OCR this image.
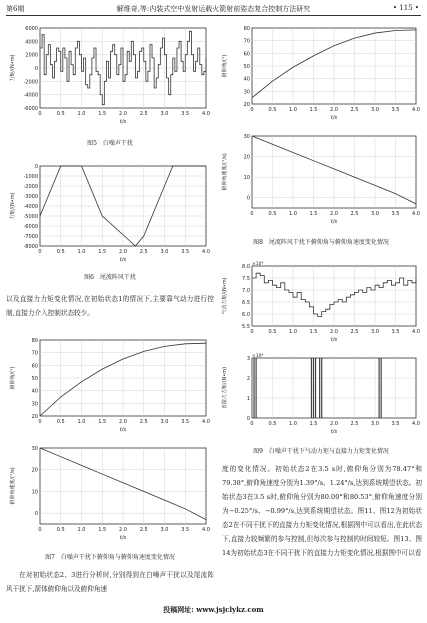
第6期	解维奇,等:内装式空中发射运载火箭射前姿态复合控制方法研究	• 115 •
6000
4000
2000
0
-2000
-4000
-6000
0	0.5	1.0	1.5	2.0	2.5	3.0	3.5	4.0
t/s
力矩/(N•m)
图5　白噪声干扰
0
-1000
-2000
-3000
-4000
-5000
-6000
-7000
-8000
0	0.5	1.0	1.5	2.0	2.5	3.0	3.5	4.0
t/s
力矩/(N•m)
图6　尾流阵风干扰
以及直接力力矩变化情况,在初始状态1的情况下,主要靠气动力进行控制,直接力介入控制状态较少。
80
70
60
50
40
30
20
0	0.5	1.0	1.5	2.0	2.5	3.0	3.5	4.0
t/s
俯仰角/(°)
30
20
10
0
0	0.5	1.0	1.5	2.0	2.5	3.0	3.5	4.0
t/s
俯仰角速度/(°/s)
图7　白噪声干扰下俯仰角与俯仰角速度变化情况
在对初始状态2、3进行分析时,分别得到在白噪声干扰以及尾流阵风干扰下,箭体俯仰角以及俯仰角速
80
70
60
50
40
30
20
0	0.5	1.0	1.5	2.0	2.5	3.0	3.5	4.0
t/s
俯仰角/(°)
30
20
10
0
0	0.5	1.0	1.5	2.0	2.5	3.0	3.5	4.0
t/s
俯仰角速度/(°/s)
图8　尾流阵风干扰下俯仰角与俯仰角速度变化情况
8.0
7.5
7.0
6.5
6.0
5.5
0	0.5	1.0	1.5	2.0	2.5	3.0	3.5	4.0
t/s
气动力矩/(N•m)
×10⁴
3
2
1
0
0	0.5	1.0	1.5	2.0	2.5	3.0	3.5	4.0
t/s
直接力力矩/(N•m)
×10⁴
图9　白噪声干扰下气动力矩与直接力力矩变化情况
度的变化情况。初始状态2在3.5 s时,俯仰角分别为78.47°和79.38°,俯仰角速度分别为1.39°/s、1.24°/s,达到系统期望状态。初始状态3在3.5 s时,俯仰角分别为80.00°和80.53°,俯仰角速度分别为−0.25°/s、−0.99°/s,达到系统期望状态。图11、图12为初始状态2在不同干扰下的直接力力矩变化情况,根据图中可以看出,在此状态下,直接力较频繁的参与控制,但每次参与控制的时间较短。图13、图14为初始状态3在不同干扰下的直接力力矩变化情况,根据图中可以看
投稿网址: www.jsjclykz.com
